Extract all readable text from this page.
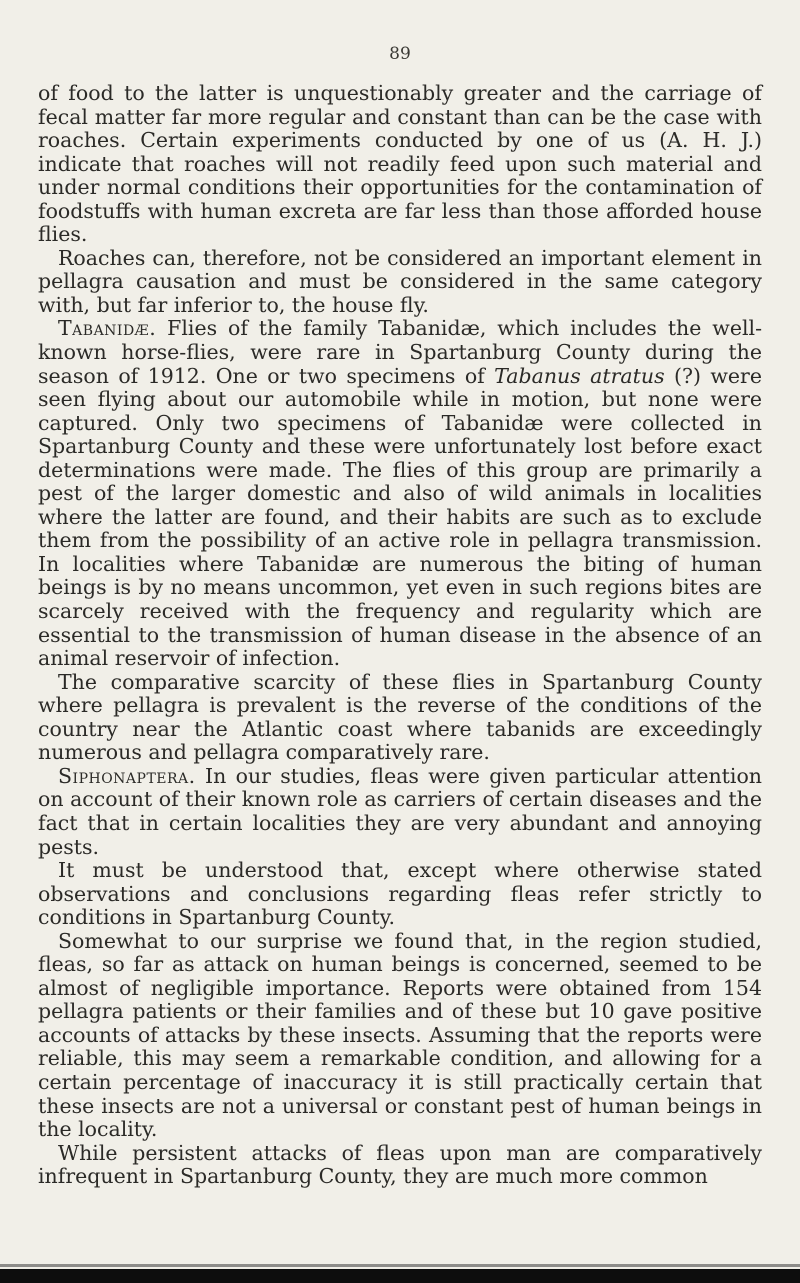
89

of food to the latter is unquestionably greater and the carriage of fecal matter far more regular and constant than can be the case with roaches. Certain experiments conducted by one of us (A. H. J.) indicate that roaches will not readily feed upon such material and under normal conditions their opportunities for the contamination of foodstuffs with human excreta are far less than those afforded house flies.

Roaches can, therefore, not be considered an important element in pellagra causation and must be considered in the same category with, but far inferior to, the house fly.

Tabanidæ. Flies of the family Tabanidæ, which includes the well-known horse-flies, were rare in Spartanburg County during the season of 1912. One or two specimens of Tabanus atratus (?) were seen flying about our automobile while in motion, but none were captured. Only two specimens of Tabanidæ were collected in Spartanburg County and these were unfortunately lost before exact determinations were made. The flies of this group are primarily a pest of the larger domestic and also of wild animals in localities where the latter are found, and their habits are such as to exclude them from the possibility of an active role in pellagra transmission. In localities where Tabanidæ are numerous the biting of human beings is by no means uncommon, yet even in such regions bites are scarcely received with the frequency and regularity which are essential to the transmission of human disease in the absence of an animal reservoir of infection.

The comparative scarcity of these flies in Spartanburg County where pellagra is prevalent is the reverse of the conditions of the country near the Atlantic coast where tabanids are exceedingly numerous and pellagra comparatively rare.

Siphonaptera. In our studies, fleas were given particular attention on account of their known role as carriers of certain diseases and the fact that in certain localities they are very abundant and annoying pests.

It must be understood that, except where otherwise stated observations and conclusions regarding fleas refer strictly to conditions in Spartanburg County.

Somewhat to our surprise we found that, in the region studied, fleas, so far as attack on human beings is concerned, seemed to be almost of negligible importance. Reports were obtained from 154 pellagra patients or their families and of these but 10 gave positive accounts of attacks by these insects. Assuming that the reports were reliable, this may seem a remarkable condition, and allowing for a certain percentage of inaccuracy it is still practically certain that these insects are not a universal or constant pest of human beings in the locality.

While persistent attacks of fleas upon man are comparatively infrequent in Spartanburg County, they are much more common
